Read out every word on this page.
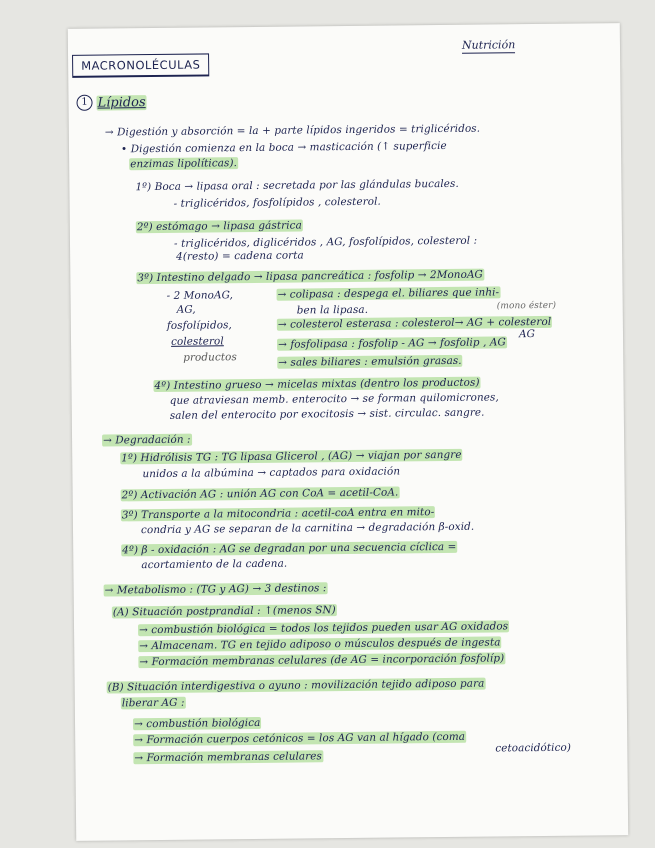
MACRONOLÉCULAS
Nutrición
1 Lípidos
→ Digestión y absorción = la + parte lípidos ingeridos = triglicéridos.
• Digestión comienza en la boca → masticación (↑ superficie
enzimas lipolíticas).
1º) Boca → lipasa oral : secretada por las glándulas bucales.
- triglicéridos, fosfolípidos , colesterol.
2º) estómago → lipasa gástrica
- triglicéridos, diglicéridos , AG, fosfolípidos, colesterol :
4(resto) = cadena corta
3º) Intestino delgado → lipasa pancreática : fosfolip → 2MonoAG
- 2 MonoAG,	→ colipasa : despega el. biliares que inhi-
AG,	ben la lipasa.	(mono éster)
fosfolípidos,	→ colesterol esterasa : colesterol→ AG + colesterol
AG
colesterol	→ fosfolipasa : fosfolip - AG → fosfolip , AG
productos	→ sales biliares : emulsión grasas.
4º) Intestino grueso → micelas mixtas (dentro los productos)
que atraviesan memb. enterocito → se forman quilomicrones,
salen del enterocito por exocitosis → sist. circulac. sangre.
→ Degradación :
1º) Hidrólisis TG : TG lipasa Glicerol , (AG) → viajan por sangre
unidos a la albúmina → captados para oxidación
2º) Activación AG : unión AG con CoA = acetil-CoA.
3º) Transporte a la mitocondria : acetil-coA entra en mito-
condria y AG se separan de la carnitina → degradación β-oxid.
4º) β - oxidación : AG se degradan por una secuencia cíclica =
acortamiento de la cadena.
→ Metabolismo : (TG y AG) → 3 destinos :
(A) Situación postprandial : ↑(menos SN)
→ combustión biológica = todos los tejidos pueden usar AG oxidados
→ Almacenam. TG en tejido adiposo o músculos después de ingesta
→ Formación membranas celulares (de AG = incorporación fosfolíp)
(B) Situación interdigestiva o ayuno : movilización tejido adiposo para
liberar AG :
→ combustión biológica
→ Formación cuerpos cetónicos = los AG van al hígado (coma
cetoacidótico)
→ Formación membranas celulares
